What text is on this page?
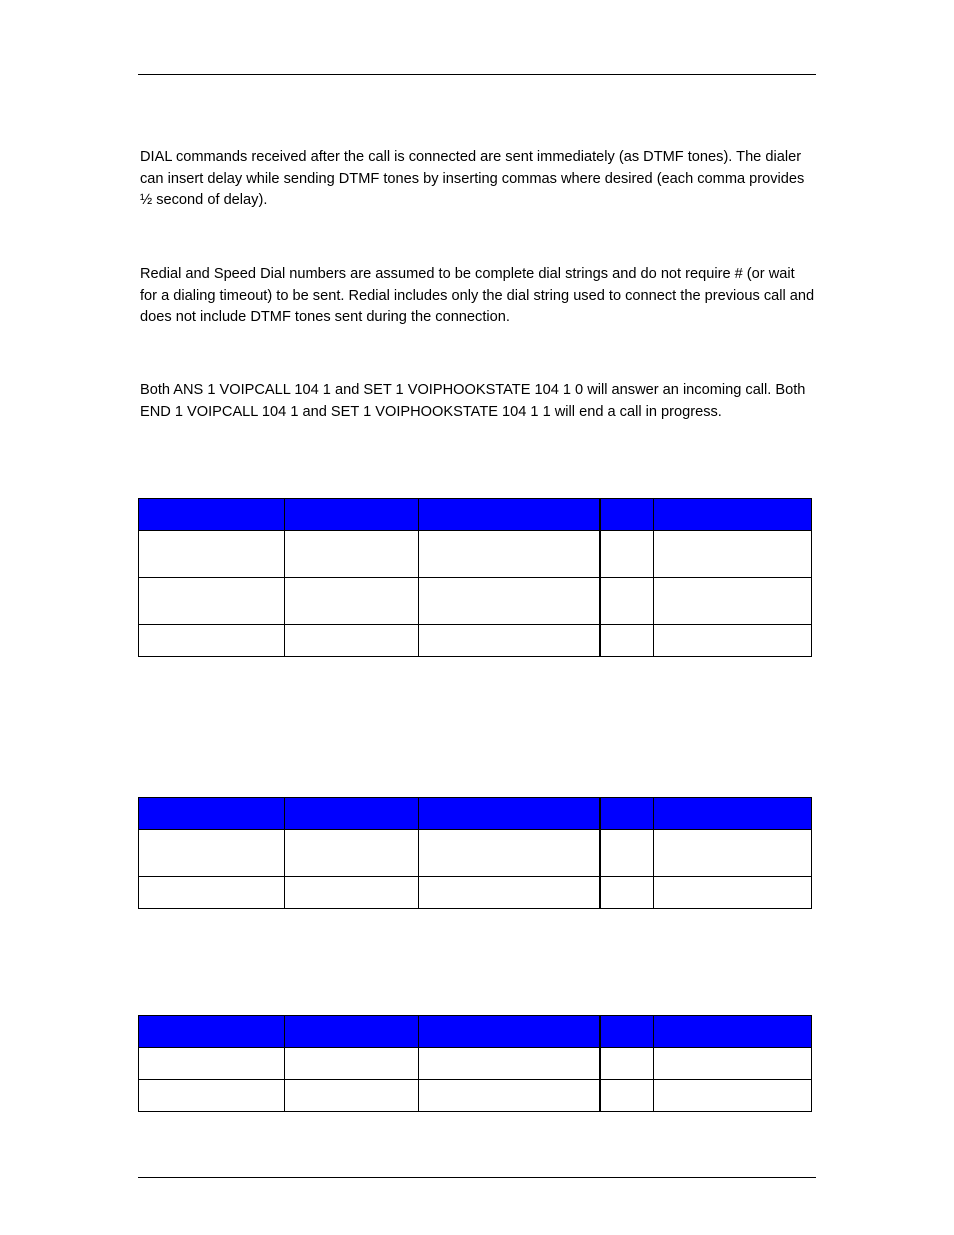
DIAL commands received after the call is connected are sent immediately (as DTMF tones). The dialer can insert delay while sending DTMF tones by inserting commas where desired (each comma provides ½ second of delay).

Redial and Speed Dial numbers are assumed to be complete dial strings and do not require # (or wait for a dialing timeout) to be sent. Redial includes only the dial string used to connect the previous call and does not include DTMF tones sent during the connection.

Both ANS 1 VOIPCALL 104 1 and SET 1 VOIPHOOKSTATE 104 1 0 will answer an incoming call. Both END 1 VOIPCALL 104 1 and SET 1 VOIPHOOKSTATE 104 1 1 will end a call in progress.
